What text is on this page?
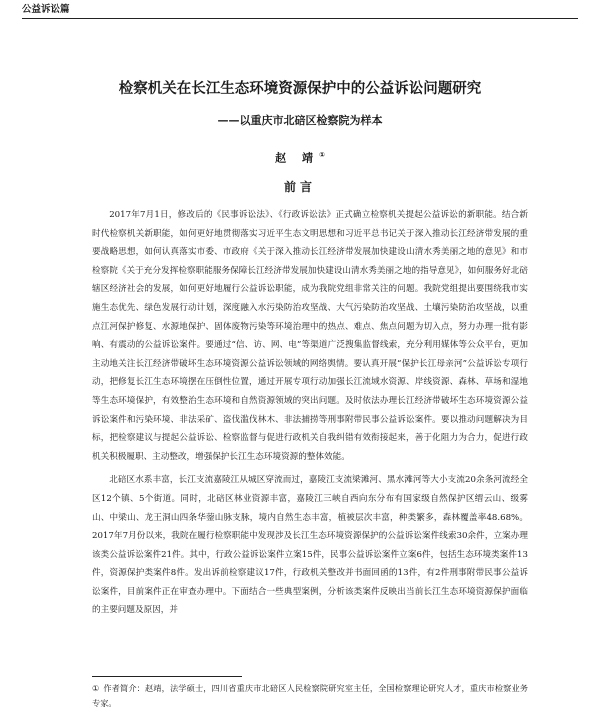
公益诉讼篇
检察机关在长江生态环境资源保护中的公益诉讼问题研究
——以重庆市北碚区检察院为样本
赵 靖①
前言

2017年7月1日，修改后的《民事诉讼法》、《行政诉讼法》正式确立检察机关提起公益诉讼的新职能。结合新时代检察机关新职能，如何更好地贯彻落实习近平生态文明思想和习近平总书记关于深入推动长江经济带发展的重要战略思想，如何认真落实市委、市政府《关于深入推动长江经济带发展加快建设山清水秀美丽之地的意见》和市检察院《关于充分发挥检察职能服务保障长江经济带发展加快建设山清水秀美丽之地的指导意见》，如何服务好北碚辖区经济社会的发展，如何更好地履行公益诉讼职能，成为我院党组非常关注的问题。我院党组提出要围绕我市实施生态优先、绿色发展行动计划，深度融入水污染防治攻坚战、大气污染防治攻坚战、土壤污染防治攻坚战，以重点江河保护修复、水源地保护、固体废物污染等环境治理中的热点、难点、焦点问题为切入点，努力办理一批有影响、有震动的公益诉讼案件。要通过“信、访、网、电”等渠道广泛搜集监督线索，充分利用媒体等公众平台，更加主动地关注长江经济带破坏生态环境资源公益诉讼领域的网络舆情。要认真开展“保护长江母亲河”公益诉讼专项行动，把修复长江生态环境摆在压倒性位置，通过开展专项行动加强长江流域水资源、岸线资源、森林、草场和湿地等生态环境保护，有效整治生态环境和自然资源领域的突出问题。及时依法办理长江经济带破坏生态环境资源公益诉讼案件和污染环境、非法采矿、盗伐滥伐林木、非法捕捞等刑事附带民事公益诉讼案件。要以推动问题解决为目标，把检察建议与提起公益诉讼、检察监督与促进行政机关自我纠错有效衔接起来，善于化阻力为合力，促进行政机关积极履职、主动整改，增强保护长江生态环境资源的整体效能。

北碚区水系丰富，长江支流嘉陵江从城区穿流而过，嘉陵江支流梁滩河、黑水滩河等大小支流20余条河流经全区12个镇、5个街道。同时，北碚区林业资源丰富，嘉陵江三峡自西向东分布有国家级自然保护区缙云山、级雾山、中梁山、龙王洞山四条华蓥山脉支脉，境内自然生态丰富，植被层次丰富，种类繁多，森林覆盖率48.68%。2017年7月份以来，我院在履行检察职能中发现涉及长江生态环境资源保护的公益诉讼案件线索30余件，立案办理该类公益诉讼案件21件。其中，行政公益诉讼案件立案15件，民事公益诉讼案件立案6件，包括生态环境类案件13件，资源保护类案件8件。发出诉前检察建议17件，行政机关整改并书面回函的13件，有2件刑事附带民事公益诉讼案件，目前案件正在审查办理中。下面结合一些典型案例，分析该类案件反映出当前长江生态环境资源保护面临的主要问题及原因，并

① 作者简介：赵靖，法学硕士，四川省重庆市北碚区人民检察院研究室主任，全国检察理论研究人才，重庆市检察业务专家。
